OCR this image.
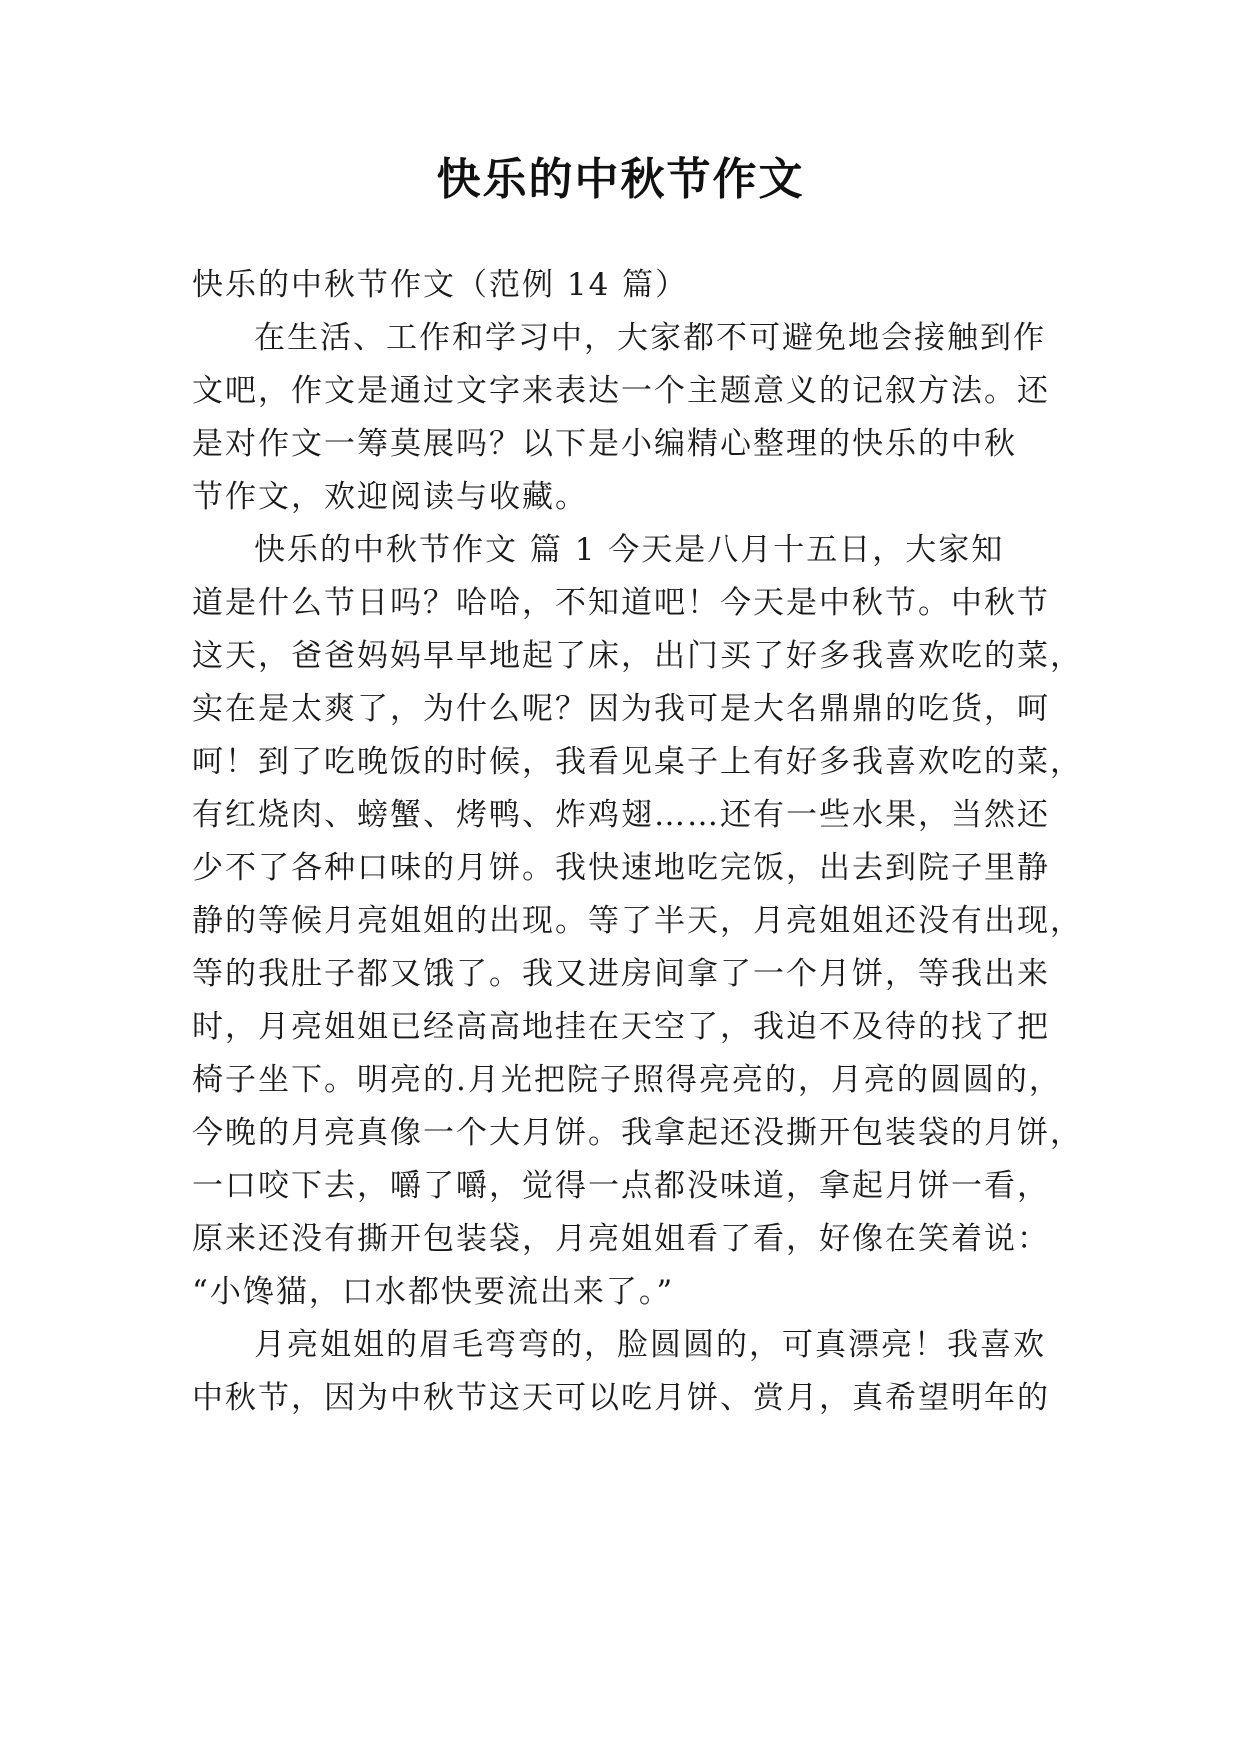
快乐的中秋节作文

快乐的中秋节作文（范例 14 篇）

在生活、工作和学习中，大家都不可避免地会接触到作

文吧，作文是通过文字来表达一个主题意义的记叙方法。还

是对作文一筹莫展吗？以下是小编精心整理的快乐的中秋

节作文，欢迎阅读与收藏。

快乐的中秋节作文 篇 1 今天是八月十五日，大家知

道是什么节日吗？哈哈，不知道吧！今天是中秋节。中秋节

这天，爸爸妈妈早早地起了床，出门买了好多我喜欢吃的菜，

实在是太爽了，为什么呢？因为我可是大名鼎鼎的吃货，呵

呵！到了吃晚饭的时候，我看见桌子上有好多我喜欢吃的菜，

有红烧肉、螃蟹、烤鸭、炸鸡翅……还有一些水果，当然还

少不了各种口味的月饼。我快速地吃完饭，出去到院子里静

静的等候月亮姐姐的出现。等了半天，月亮姐姐还没有出现，

等的我肚子都又饿了。我又进房间拿了一个月饼，等我出来

时，月亮姐姐已经高高地挂在天空了，我迫不及待的找了把

椅子坐下。明亮的.月光把院子照得亮亮的，月亮的圆圆的，

今晚的月亮真像一个大月饼。我拿起还没撕开包装袋的月饼，

一口咬下去，嚼了嚼，觉得一点都没味道，拿起月饼一看，

原来还没有撕开包装袋，月亮姐姐看了看，好像在笑着说：

“小馋猫，口水都快要流出来了。”

月亮姐姐的眉毛弯弯的，脸圆圆的，可真漂亮！我喜欢

中秋节，因为中秋节这天可以吃月饼、赏月，真希望明年的
